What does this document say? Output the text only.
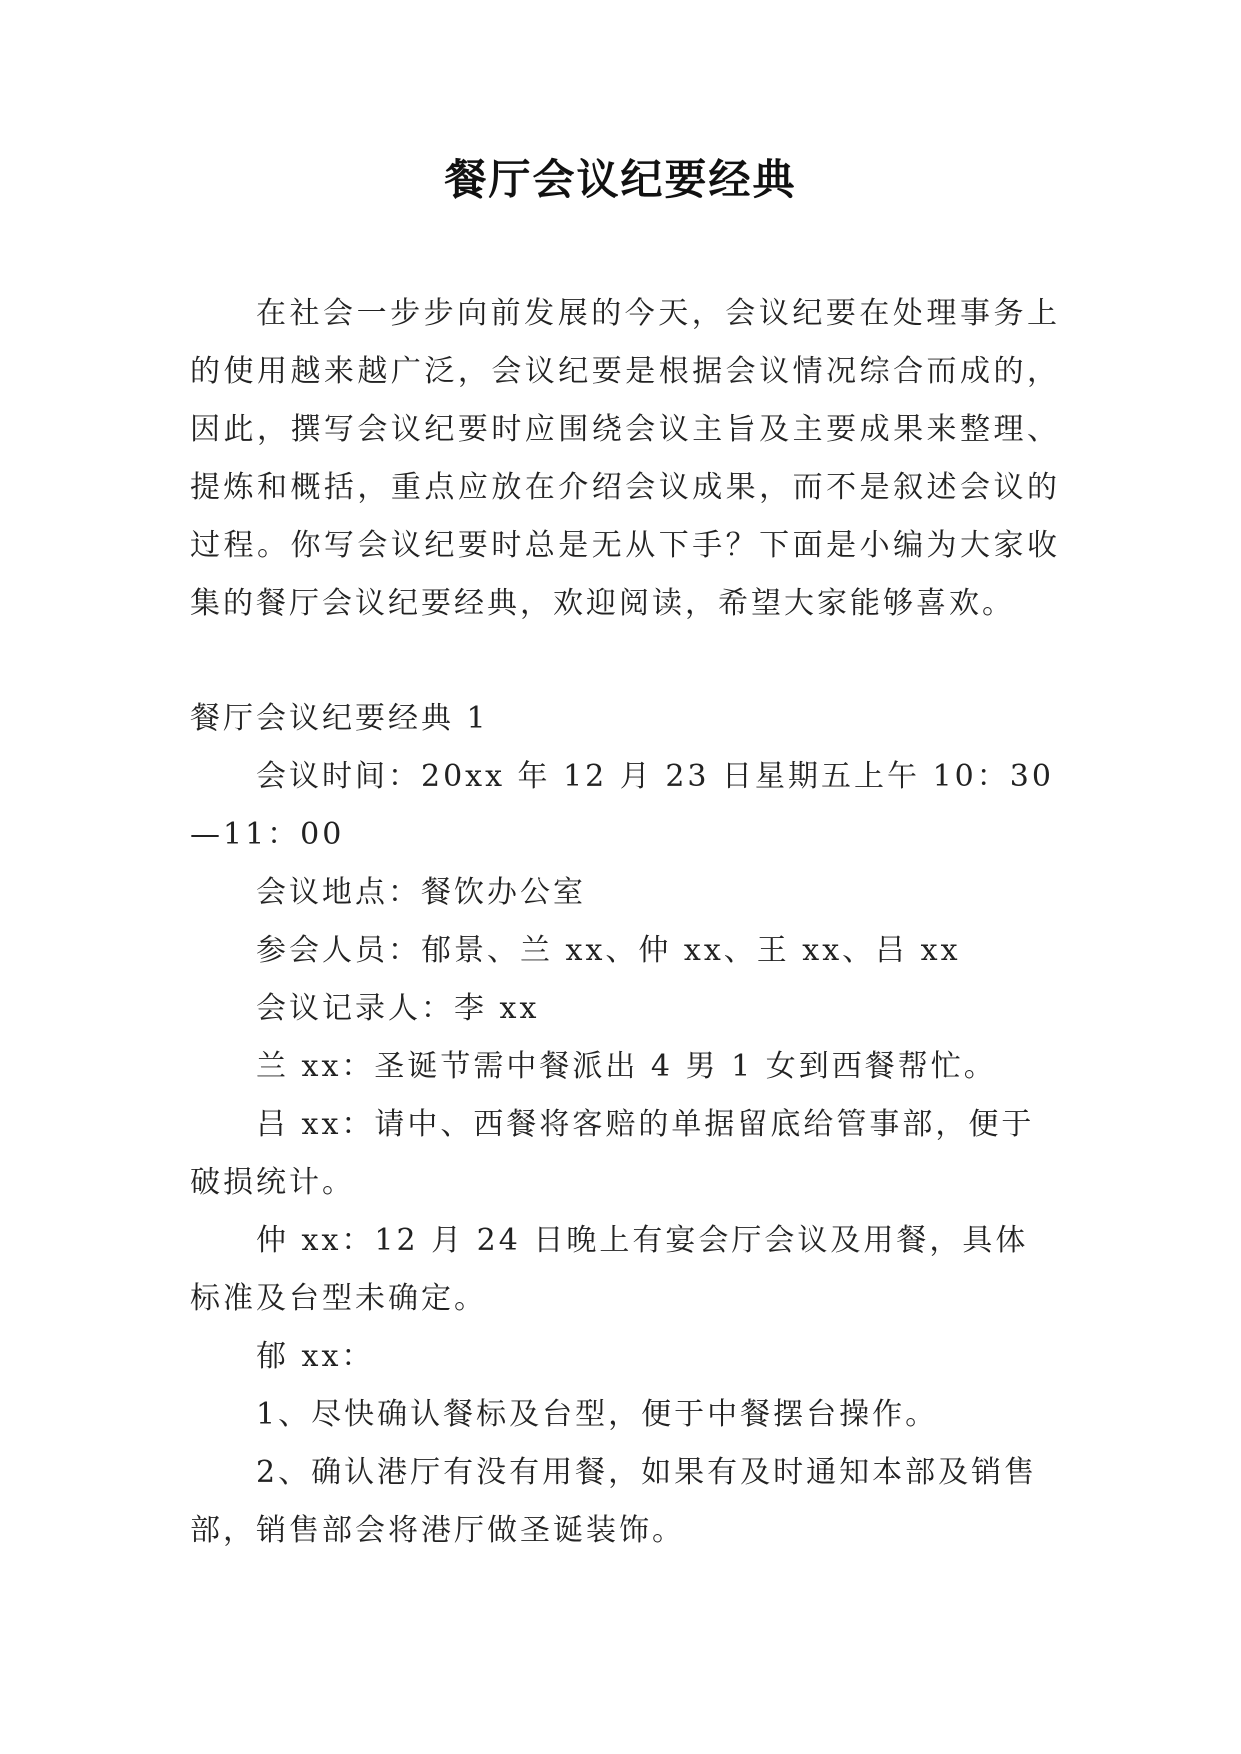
餐厅会议纪要经典

在社会一步步向前发展的今天，会议纪要在处理事务上的使用越来越广泛，会议纪要是根据会议情况综合而成的，因此，撰写会议纪要时应围绕会议主旨及主要成果来整理、提炼和概括，重点应放在介绍会议成果，而不是叙述会议的过程。你写会议纪要时总是无从下手？下面是小编为大家收集的餐厅会议纪要经典，欢迎阅读，希望大家能够喜欢。

餐厅会议纪要经典 1

会议时间：20xx 年 12 月 23 日星期五上午 10：30—11：00

会议地点：餐饮办公室

参会人员：郁景、兰 xx、仲 xx、王 xx、吕 xx

会议记录人：李 xx

兰 xx：圣诞节需中餐派出 4 男 1 女到西餐帮忙。

吕 xx：请中、西餐将客赔的单据留底给管事部，便于破损统计。

仲 xx：12 月 24 日晚上有宴会厅会议及用餐，具体标准及台型未确定。

郁 xx：

1、尽快确认餐标及台型，便于中餐摆台操作。

2、确认港厅有没有用餐，如果有及时通知本部及销售部，销售部会将港厅做圣诞装饰。
